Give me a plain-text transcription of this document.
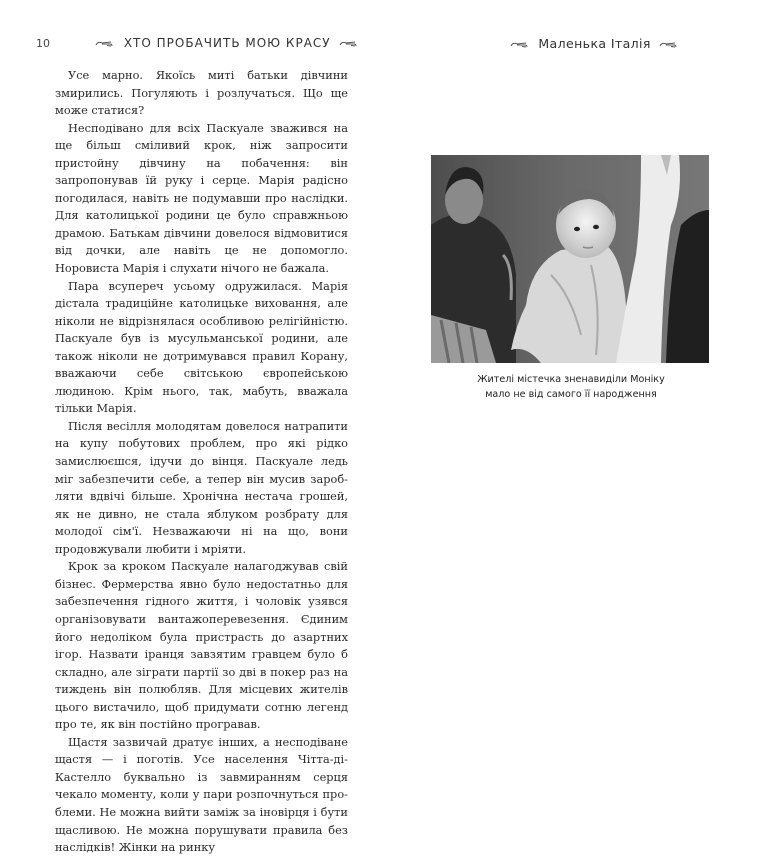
10	ХТО ПРОБАЧИТЬ МОЮ КРАСУ	Маленька Італія

Усе марно. Якоїсь миті батьки дівчини змирились. Погуляють і розлучаться. Що ще може статися?

Несподівано для всіх Паскуале зважився на ще більш сміливий крок, ніж запросити пристойну дівчину на побачення: він запропонував їй руку і серце. Марія радісно погодилася, навіть не подумавши про наслідки. Для католицької родини це було справжньою драмою. Батькам дівчини довелося відмовитися від дочки, але навіть це не допомогло. Норовиста Марія і слухати нічого не бажала.

Пара всупереч усьому одружилася. Марія дістала традиційне католицьке виховання, але ніколи не відрізнялася особливою релігійністю. Паскуале був із мусульманської родини, але також ніколи не дотримувався правил Корану, вважаючи себе світською європейською людиною. Крім нього, так, мабуть, вважала тільки Марія.

Після весілля молодятам довелося натрапити на купу побутових проблем, про які рідко замислюєшся, ідучи до вінця. Паскуале ледь міг забезпечити себе, а тепер він мусив заробляти вдвічі більше. Хронічна нестача грошей, як не дивно, не стала яблуком розбрату для молодої сім'ї. Незважаючи ні на що, вони продовжували любити і мріяти.

Крок за кроком Паскуале налагоджував свій бізнес. Фермерства явно було недостатньо для забезпечення гідного життя, і чоловік узявся організовувати вантажоперевезення. Єдиним його недоліком була пристрасть до азартних ігор. Назвати іранця завзятим гравцем було б складно, але зіграти партії зо дві в покер раз на тиждень він полюбляв. Для місцевих жителів цього вистачило, щоб придумати сотню легенд про те, як він постійно програвав.

Щастя зазвичай дратує інших, а несподіване щастя — і поготів. Усе населення Чітта-ді-Кастелло буквально із завмиранням серця чекало моменту, коли у пари розпочнуться проблеми. Не можна вийти заміж за іновірця і бути щасливою. Не можна порушувати правила без наслідків! Жінки на ринку

Жителі містечка зненавиділи Моніку
мало не від самого її народження
